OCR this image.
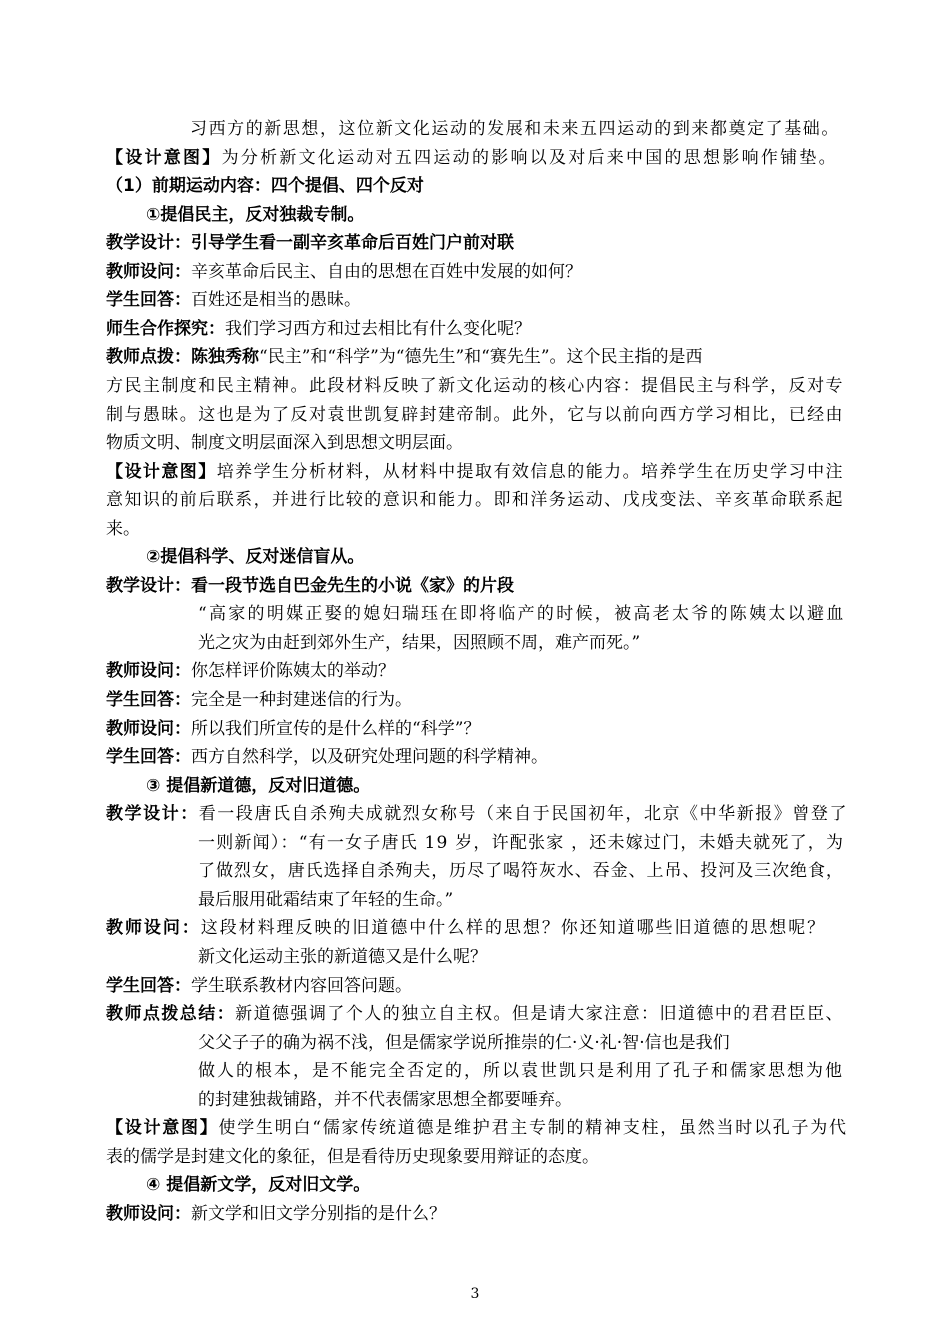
习西方的新思想，这位新文化运动的发展和未来五四运动的到来都奠定了基础。
【设计意图】为分析新文化运动对五四运动的影响以及对后来中国的思想影响作铺垫。
（1）前期运动内容：四个提倡、四个反对
①提倡民主，反对独裁专制。
教学设计：引导学生看一副辛亥革命后百姓门户前对联
教师设问：辛亥革命后民主、自由的思想在百姓中发展的如何？
学生回答：百姓还是相当的愚昧。
师生合作探究：我们学习西方和过去相比有什么变化呢？
教师点拨：陈独秀称“民主”和“科学”为“德先生”和“赛先生”。这个民主指的是西
方民主制度和民主精神。此段材料反映了新文化运动的核心内容：提倡民主与科学，反对专
制与愚昧。这也是为了反对袁世凯复辟封建帝制。此外，它与以前向西方学习相比，已经由
物质文明、制度文明层面深入到思想文明层面。
【设计意图】培养学生分析材料，从材料中提取有效信息的能力。培养学生在历史学习中注
意知识的前后联系，并进行比较的意识和能力。即和洋务运动、戊戌变法、辛亥革命联系起
来。
②提倡科学、反对迷信盲从。
教学设计：看一段节选自巴金先生的小说《家》的片段
“高家的明媒正娶的媳妇瑞珏在即将临产的时候，被高老太爷的陈姨太以避血
光之灾为由赶到郊外生产，结果，因照顾不周，难产而死。”
教师设问：你怎样评价陈姨太的举动？
学生回答：完全是一种封建迷信的行为。
教师设问：所以我们所宣传的是什么样的“科学”？
学生回答：西方自然科学，以及研究处理问题的科学精神。
③ 提倡新道德，反对旧道德。
教学设计：看一段唐氏自杀殉夫成就烈女称号（来自于民国初年，北京《中华新报》曾登了
一则新闻）：“有一女子唐氏 19 岁，许配张家 ，还未嫁过门，未婚夫就死了，为
了做烈女，唐氏选择自杀殉夫，历尽了喝符灰水、吞金、上吊、投河及三次绝食，
最后服用砒霜结束了年轻的生命。”
教师设问：这段材料理反映的旧道德中什么样的思想？你还知道哪些旧道德的思想呢？
新文化运动主张的新道德又是什么呢？
学生回答：学生联系教材内容回答问题。
教师点拨总结：新道德强调了个人的独立自主权。但是请大家注意：旧道德中的君君臣臣、
父父子子的确为祸不浅，但是儒家学说所推崇的仁·义·礼·智·信也是我们
做人的根本，是不能完全否定的，所以袁世凯只是利用了孔子和儒家思想为他
的封建独裁铺路，并不代表儒家思想全都要唾弃。
【设计意图】使学生明白“儒家传统道德是维护君主专制的精神支柱，虽然当时以孔子为代
表的儒学是封建文化的象征，但是看待历史现象要用辩证的态度。
④ 提倡新文学，反对旧文学。
教师设问：新文学和旧文学分别指的是什么？
3
